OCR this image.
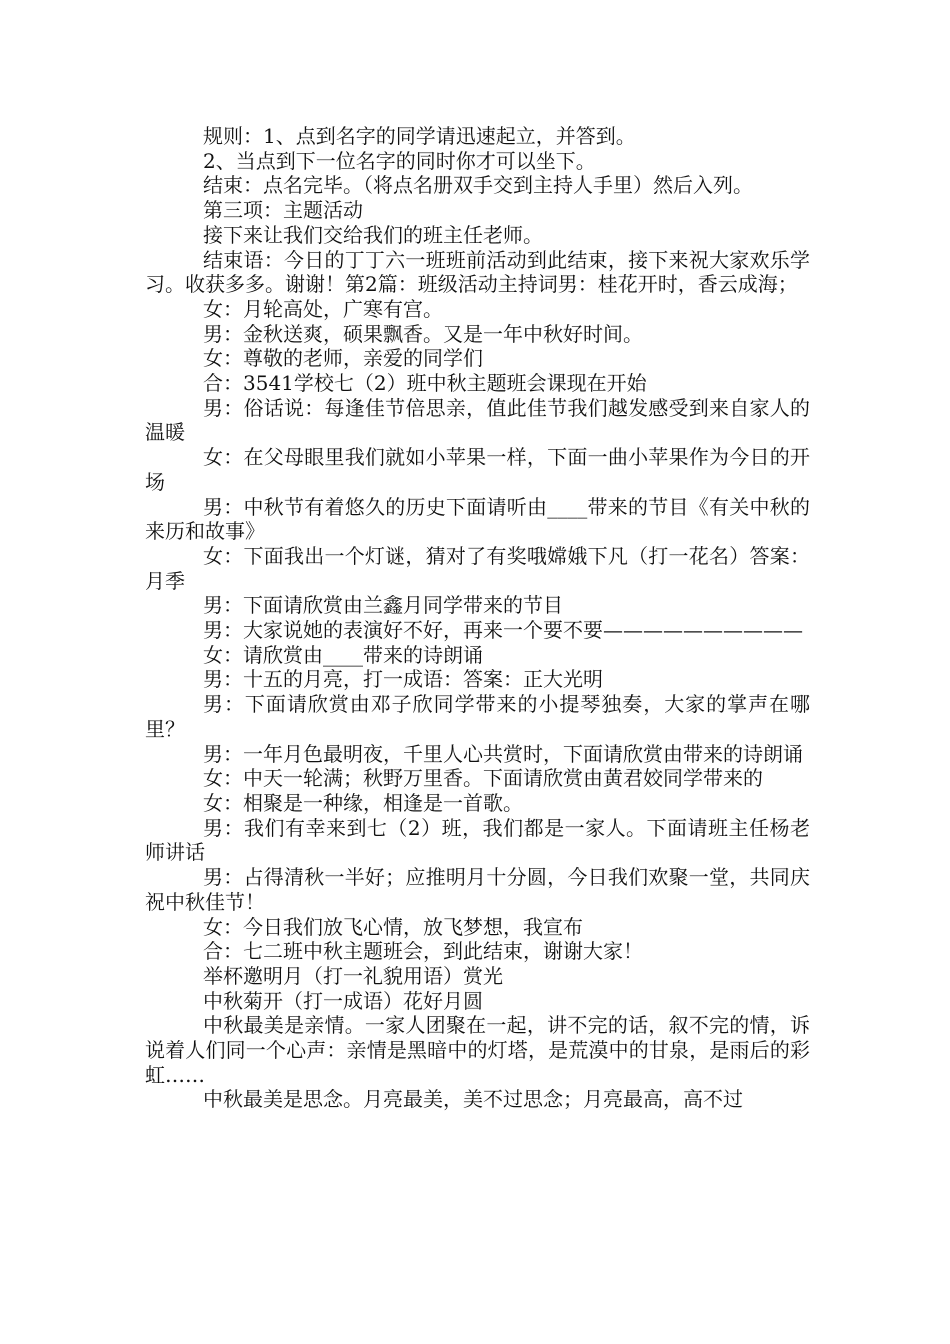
规则：1、点到名字的同学请迅速起立，并答到。

2、当点到下一位名字的同时你才可以坐下。

结束：点名完毕。（将点名册双手交到主持人手里）然后入列。

第三项：主题活动

接下来让我们交给我们的班主任老师。

结束语：今日的丁丁六一班班前活动到此结束，接下来祝大家欢乐学习。收获多多。谢谢！第2篇：班级活动主持词男：桂花开时，香云成海；

女：月轮高处，广寒有宫。

男：金秋送爽，硕果飘香。又是一年中秋好时间。

女：尊敬的老师，亲爱的同学们

合：3541学校七（2）班中秋主题班会课现在开始

男：俗话说：每逢佳节倍思亲，值此佳节我们越发感受到来自家人的温暖

女：在父母眼里我们就如小苹果一样，下面一曲小苹果作为今日的开场

男：中秋节有着悠久的历史下面请听由____带来的节目《有关中秋的来历和故事》

女：下面我出一个灯谜，猜对了有奖哦嫦娥下凡（打一花名）答案：月季

男：下面请欣赏由兰鑫月同学带来的节目

男：大家说她的表演好不好，再来一个要不要——————————

女：请欣赏由____带来的诗朗诵

男：十五的月亮，打一成语：答案：正大光明

男：下面请欣赏由邓子欣同学带来的小提琴独奏，大家的掌声在哪里？

男：一年月色最明夜，千里人心共赏时，下面请欣赏由带来的诗朗诵

女：中天一轮满；秋野万里香。下面请欣赏由黄君姣同学带来的

女：相聚是一种缘，相逢是一首歌。

男：我们有幸来到七（2）班，我们都是一家人。下面请班主任杨老师讲话

男：占得清秋一半好；应推明月十分圆，今日我们欢聚一堂，共同庆祝中秋佳节！

女：今日我们放飞心情，放飞梦想，我宣布

合：七二班中秋主题班会，到此结束，谢谢大家！

举杯邀明月（打一礼貌用语）赏光

中秋菊开（打一成语）花好月圆

中秋最美是亲情。一家人团聚在一起，讲不完的话，叙不完的情，诉说着人们同一个心声：亲情是黑暗中的灯塔，是荒漠中的甘泉，是雨后的彩虹……

中秋最美是思念。月亮最美，美不过思念；月亮最高，高不过
